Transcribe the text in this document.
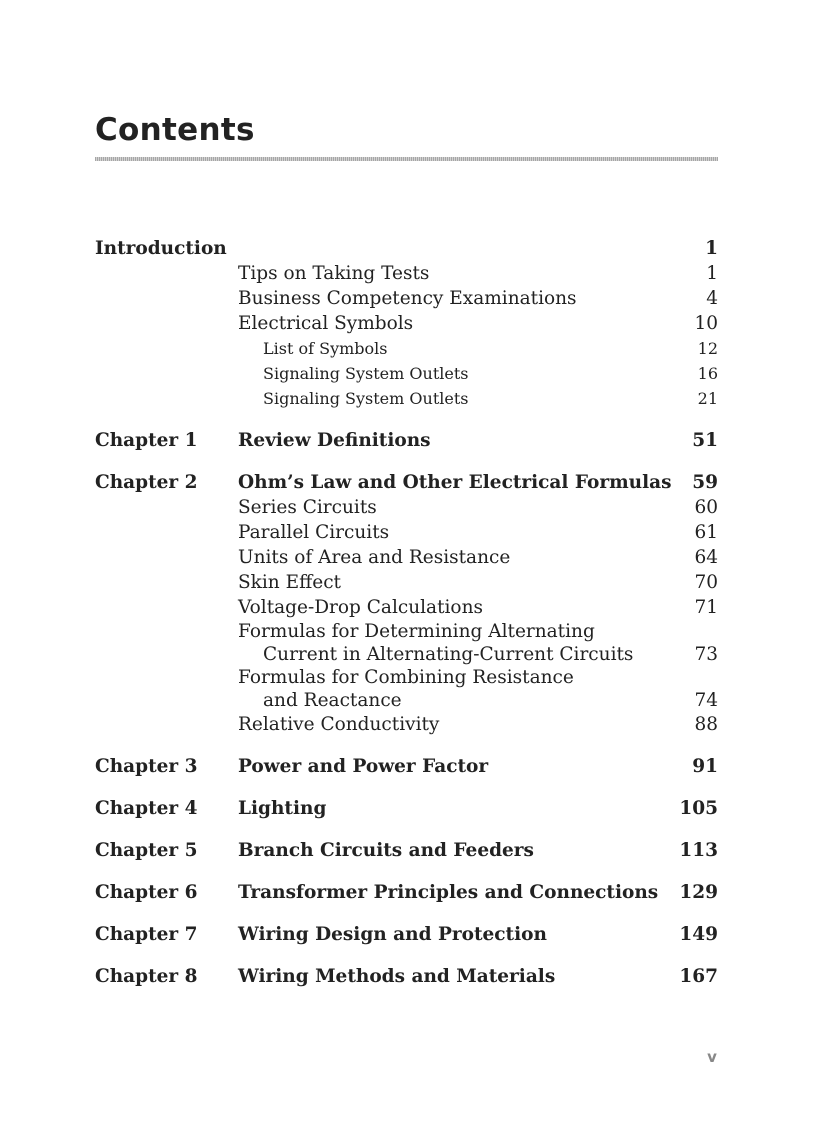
Contents
Introduction	1
Tips on Taking Tests	1
Business Competency Examinations	4
Electrical Symbols	10
List of Symbols	12
Signaling System Outlets	16
Signaling System Outlets	21
Chapter 1 Review Definitions	51
Chapter 2 Ohm’s Law and Other Electrical Formulas 59
Series Circuits	60
Parallel Circuits	61
Units of Area and Resistance	64
Skin Effect	70
Voltage-Drop Calculations	71
Formulas for Determining Alternating
Current in Alternating-Current Circuits	73
Formulas for Combining Resistance
and Reactance	74
Relative Conductivity	88
Chapter 3 Power and Power Factor	91
Chapter 4 Lighting	105
Chapter 5 Branch Circuits and Feeders	113
Chapter 6 Transformer Principles and Connections 129
Chapter 7 Wiring Design and Protection	149
Chapter 8 Wiring Methods and Materials	167
v
